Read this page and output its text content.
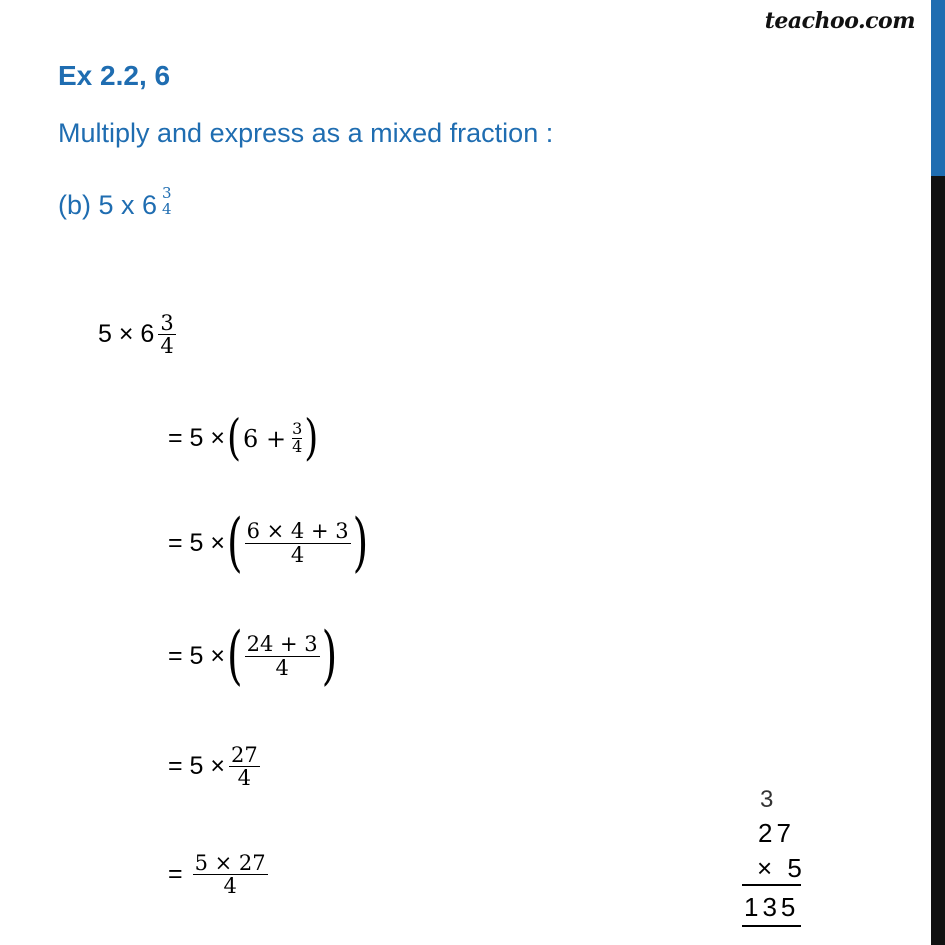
teachoo.com
Ex 2.2, 6
Multiply and express as a mixed fraction :
(b) 5 x 6 3
4
$5 \times 6 \frac{3}{4}$
= 5 × ( $6 + \frac{3}{4}$ )
= 5 × ( $\frac{6 \times 4 + 3}{4}$ )
= 5 × ( $\frac{24 + 3}{4}$ )
= $5 \times \frac{27}{4}$
= $\frac{5 \times 27}{4}$
3
27
× 5
135
